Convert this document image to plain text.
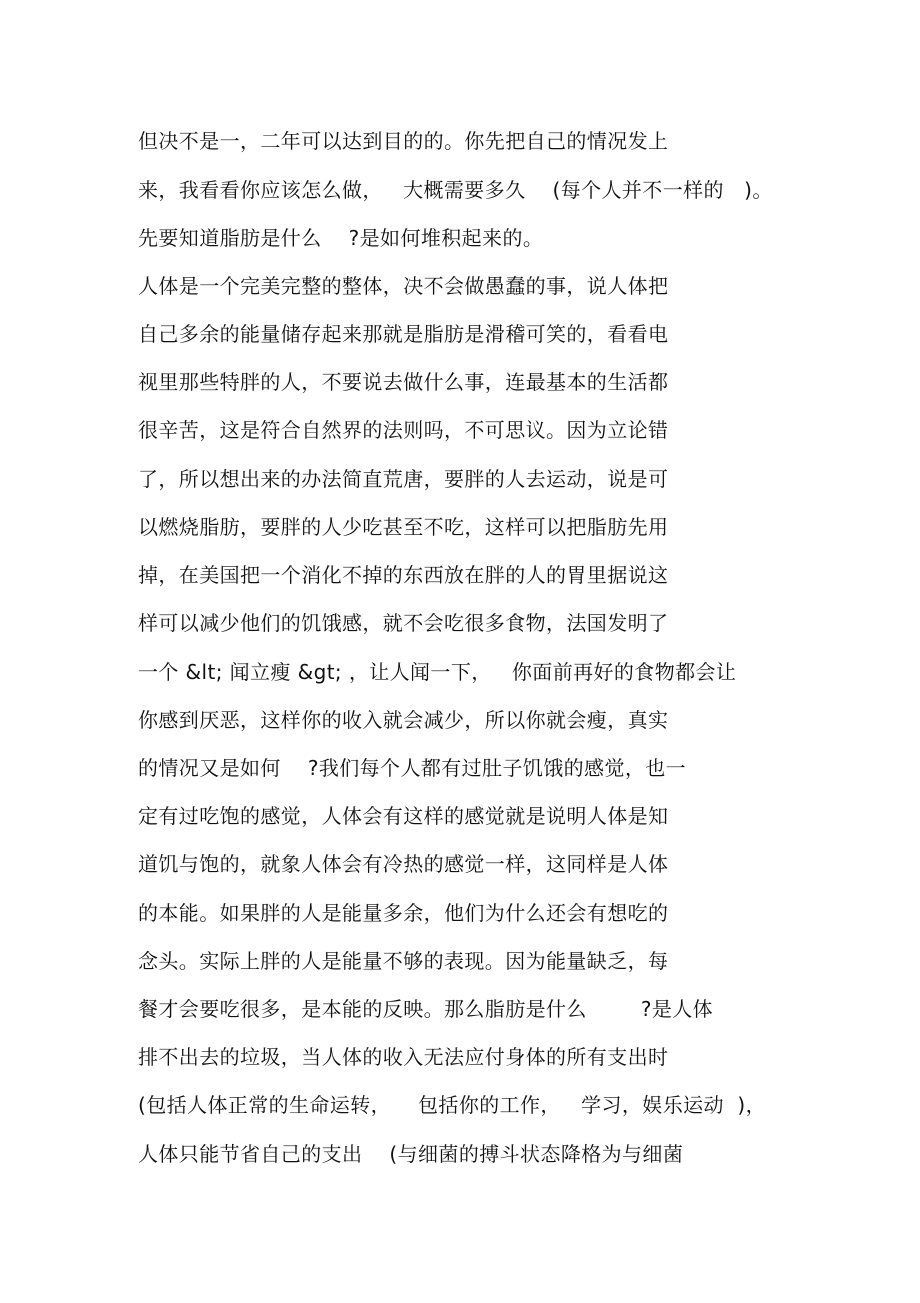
但决不是一，二年可以达到目的的。你先把自己的情况发上
来，我看看你应该怎么做，   大概需要多久    (每个人并不一样的   )。
先要知道脂肪是什么    ?是如何堆积起来的。
人体是一个完美完整的整体，决不会做愚蠢的事，说人体把
自己多余的能量储存起来那就是脂肪是滑稽可笑的，看看电
视里那些特胖的人，不要说去做什么事，连最基本的生活都
很辛苦，这是符合自然界的法则吗，不可思议。因为立论错
了，所以想出来的办法简直荒唐，要胖的人去运动，说是可
以燃烧脂肪，要胖的人少吃甚至不吃，这样可以把脂肪先用
掉，在美国把一个消化不掉的东西放在胖的人的胃里据说这
样可以减少他们的饥饿感，就不会吃很多食物，法国发明了
一个 &lt; 闻立瘦 &gt; ，让人闻一下，   你面前再好的食物都会让
你感到厌恶，这样你的收入就会减少，所以你就会瘦，真实
的情况又是如何    ?我们每个人都有过肚子饥饿的感觉，也一
定有过吃饱的感觉，人体会有这样的感觉就是说明人体是知
道饥与饱的，就象人体会有冷热的感觉一样，这同样是人体
的本能。如果胖的人是能量多余，他们为什么还会有想吃的
念头。实际上胖的人是能量不够的表现。因为能量缺乏，每
餐才会要吃很多，是本能的反映。那么脂肪是什么        ?是人体
排不出去的垃圾，当人体的收入无法应付身体的所有支出时
(包括人体正常的生命运转，    包括你的工作，   学习，娱乐运动  )，
人体只能节省自己的支出    (与细菌的搏斗状态降格为与细菌
